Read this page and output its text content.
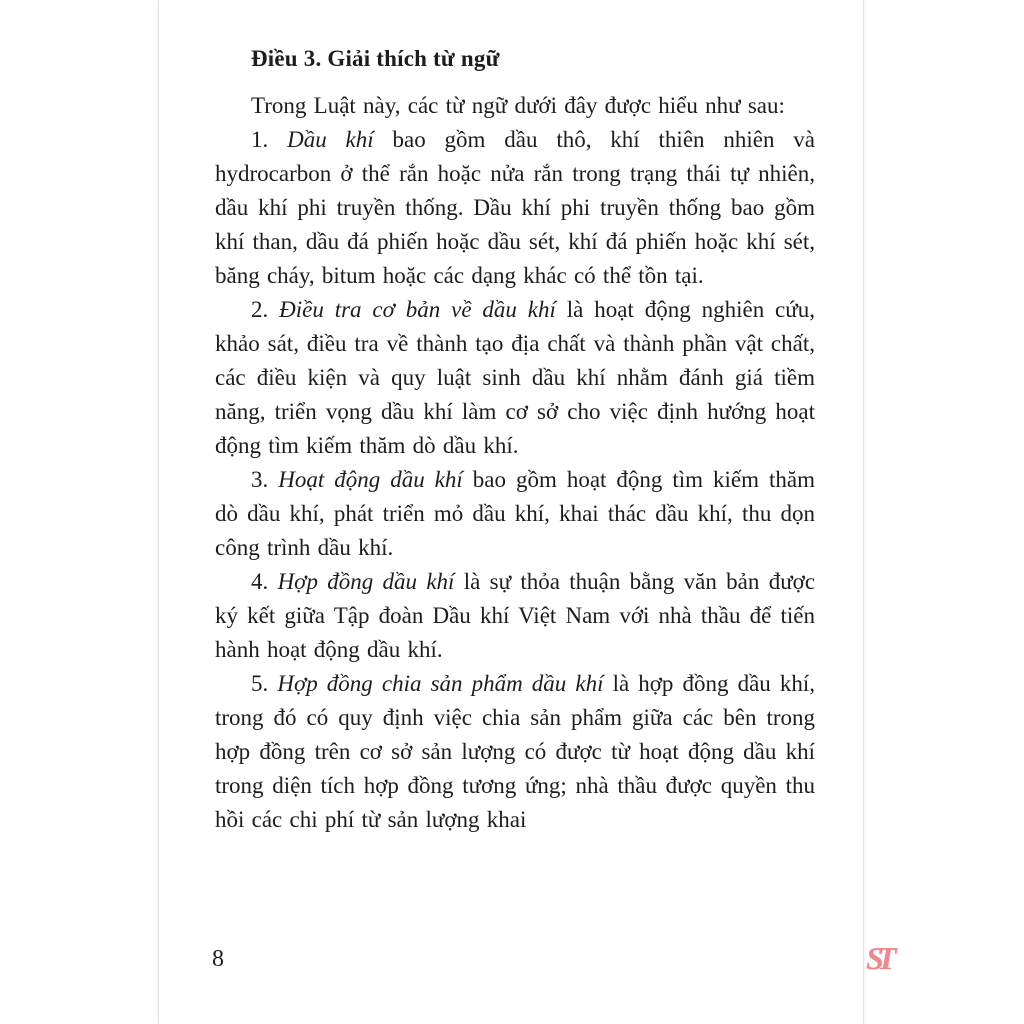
Điều 3. Giải thích từ ngữ

Trong Luật này, các từ ngữ dưới đây được hiểu như sau:

1. Dầu khí bao gồm dầu thô, khí thiên nhiên và hydrocarbon ở thể rắn hoặc nửa rắn trong trạng thái tự nhiên, dầu khí phi truyền thống. Dầu khí phi truyền thống bao gồm khí than, dầu đá phiến hoặc dầu sét, khí đá phiến hoặc khí sét, băng cháy, bitum hoặc các dạng khác có thể tồn tại.

2. Điều tra cơ bản về dầu khí là hoạt động nghiên cứu, khảo sát, điều tra về thành tạo địa chất và thành phần vật chất, các điều kiện và quy luật sinh dầu khí nhằm đánh giá tiềm năng, triển vọng dầu khí làm cơ sở cho việc định hướng hoạt động tìm kiếm thăm dò dầu khí.

3. Hoạt động dầu khí bao gồm hoạt động tìm kiếm thăm dò dầu khí, phát triển mỏ dầu khí, khai thác dầu khí, thu dọn công trình dầu khí.

4. Hợp đồng dầu khí là sự thỏa thuận bằng văn bản được ký kết giữa Tập đoàn Dầu khí Việt Nam với nhà thầu để tiến hành hoạt động dầu khí.

5. Hợp đồng chia sản phẩm dầu khí là hợp đồng dầu khí, trong đó có quy định việc chia sản phẩm giữa các bên trong hợp đồng trên cơ sở sản lượng có được từ hoạt động dầu khí trong diện tích hợp đồng tương ứng; nhà thầu được quyền thu hồi các chi phí từ sản lượng khai

8	ST
